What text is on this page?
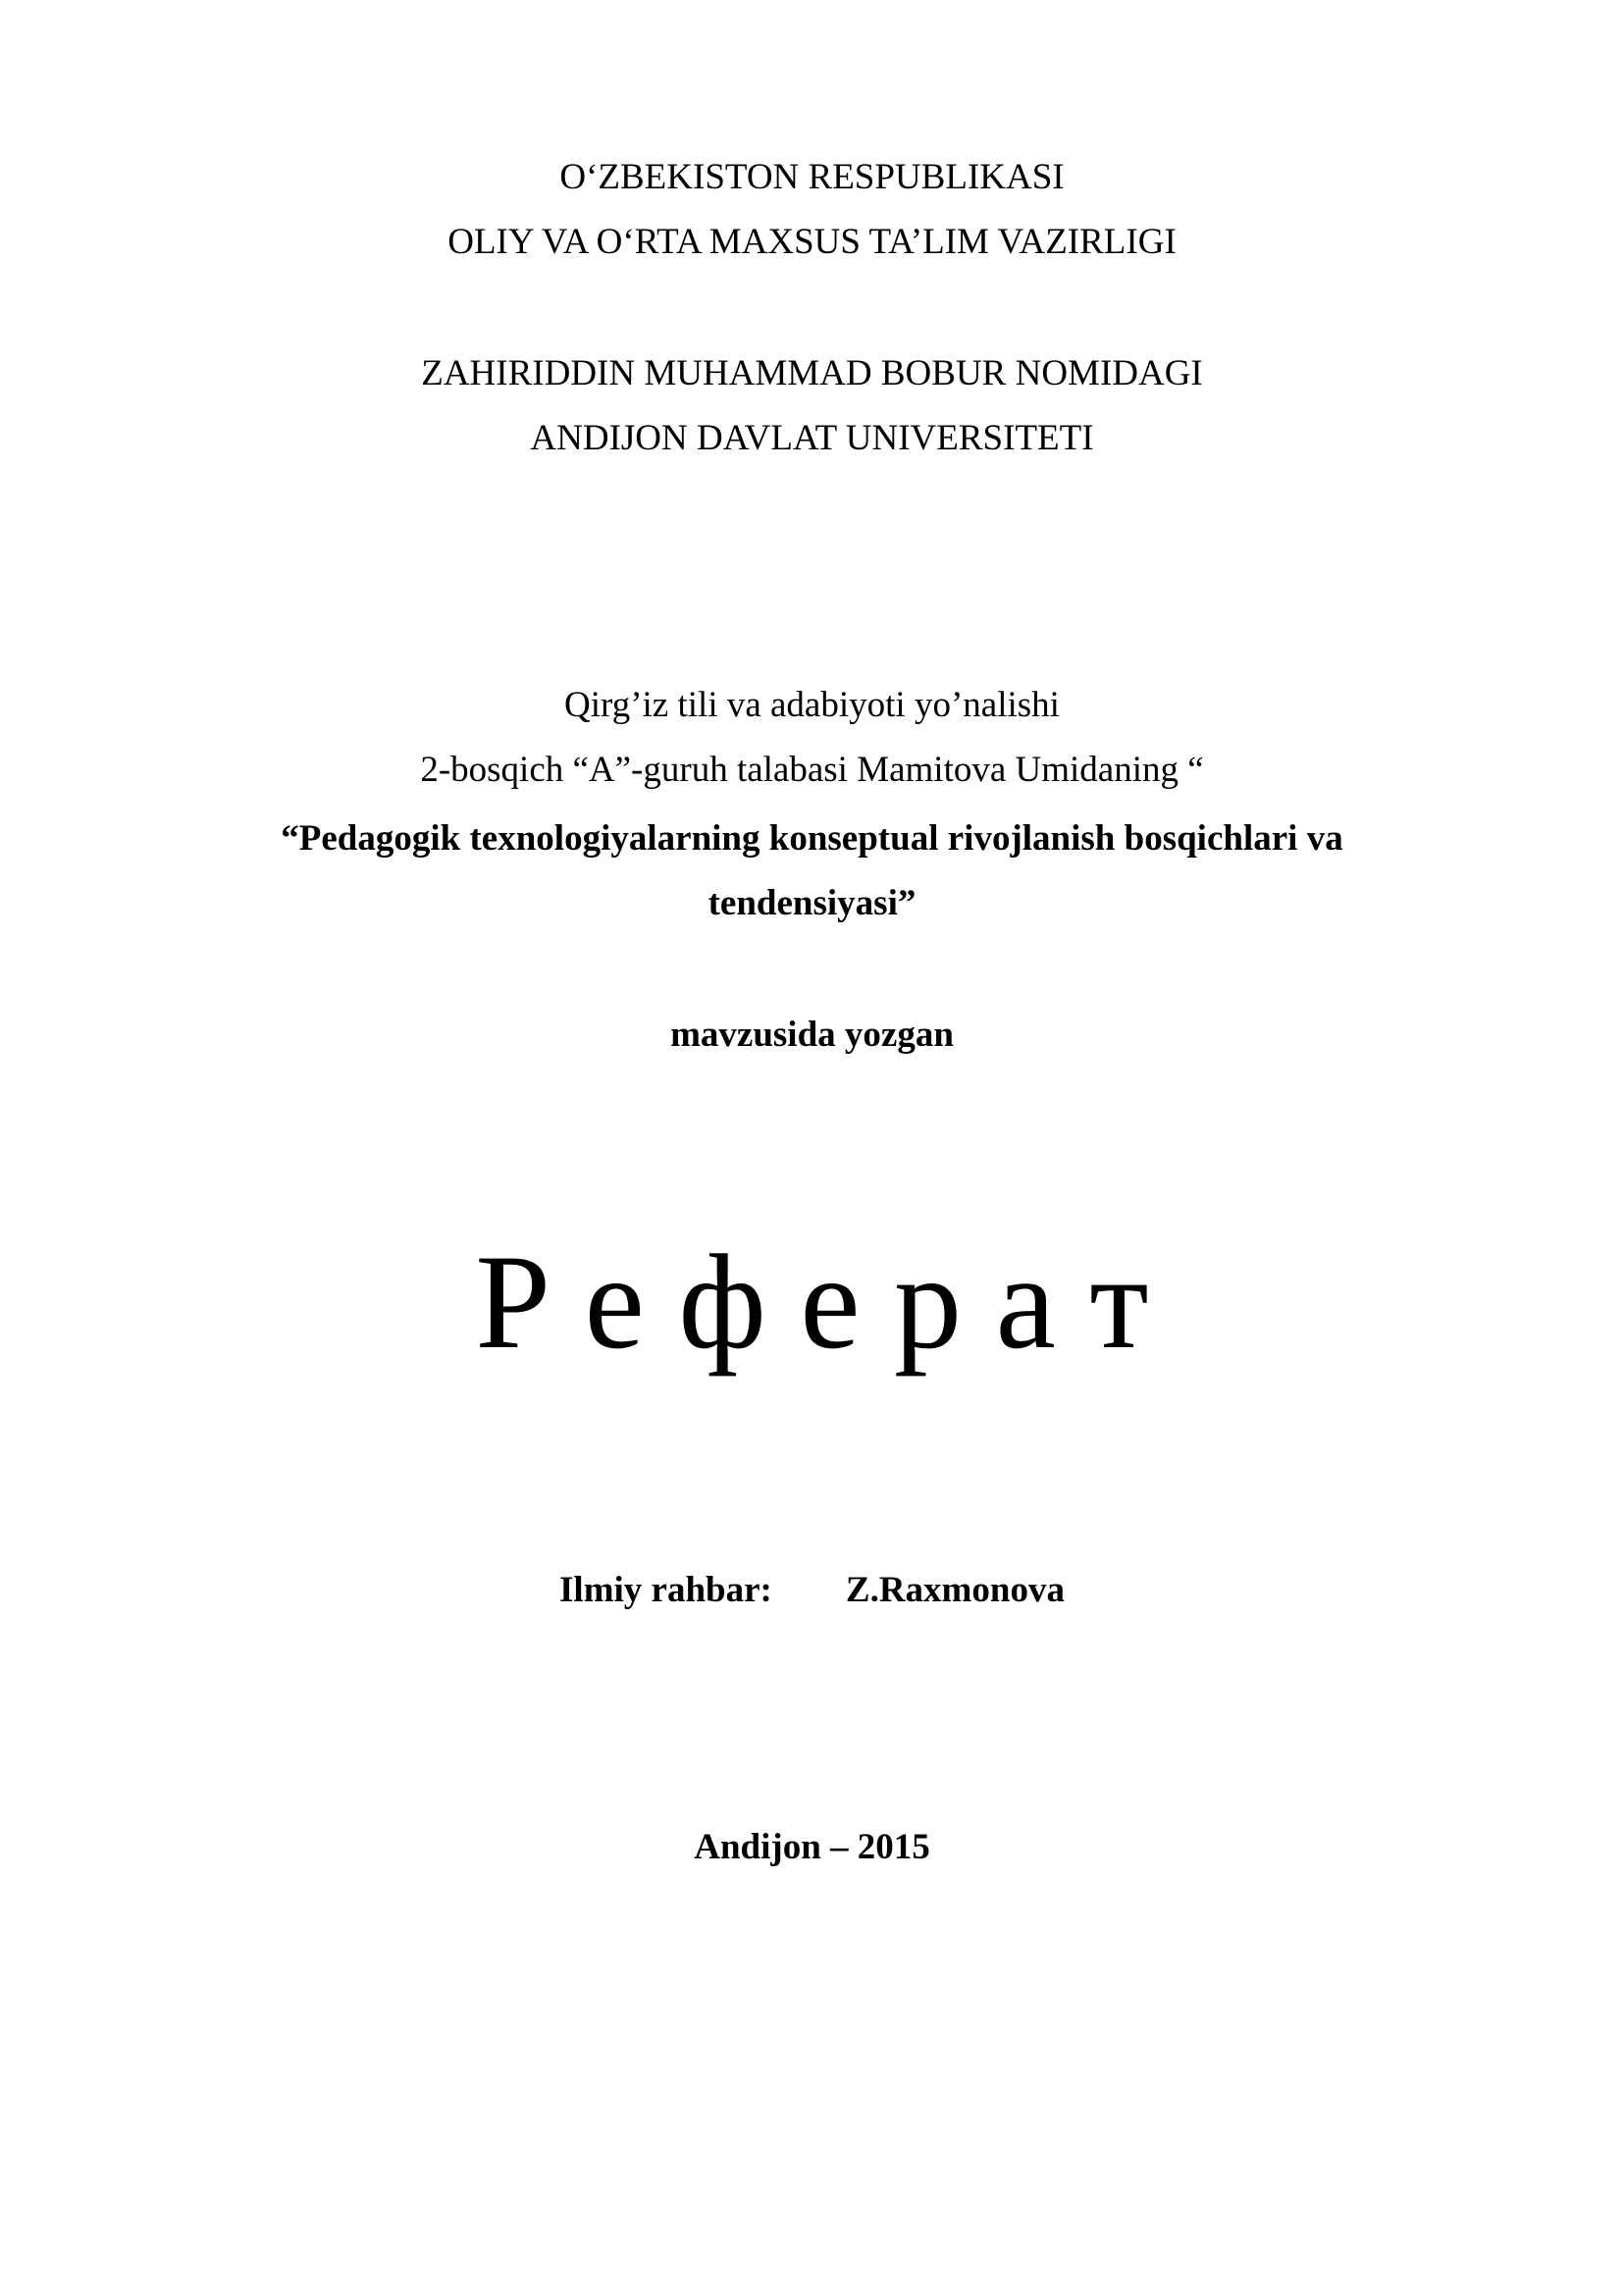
O‘ZBEKISTON RESPUBLIKASI
OLIY VA O‘RTA MAXSUS TA’LIM VAZIRLIGI
ZAHIRIDDIN MUHAMMAD BOBUR NOMIDAGI
ANDIJON DAVLAT UNIVERSITETI
Qirg’iz tili va adabiyoti yo’nalishi
2-bosqich “A”-guruh talabasi Mamitova Umidaning “
“Pedagogik texnologiyalarning konseptual rivojlanish bosqichlari va
tendensiyasi”
mavzusida yozgan
Р е ф е р а т
Ilmiy rahbar: Z.Raxmonova
Andijon – 2015
